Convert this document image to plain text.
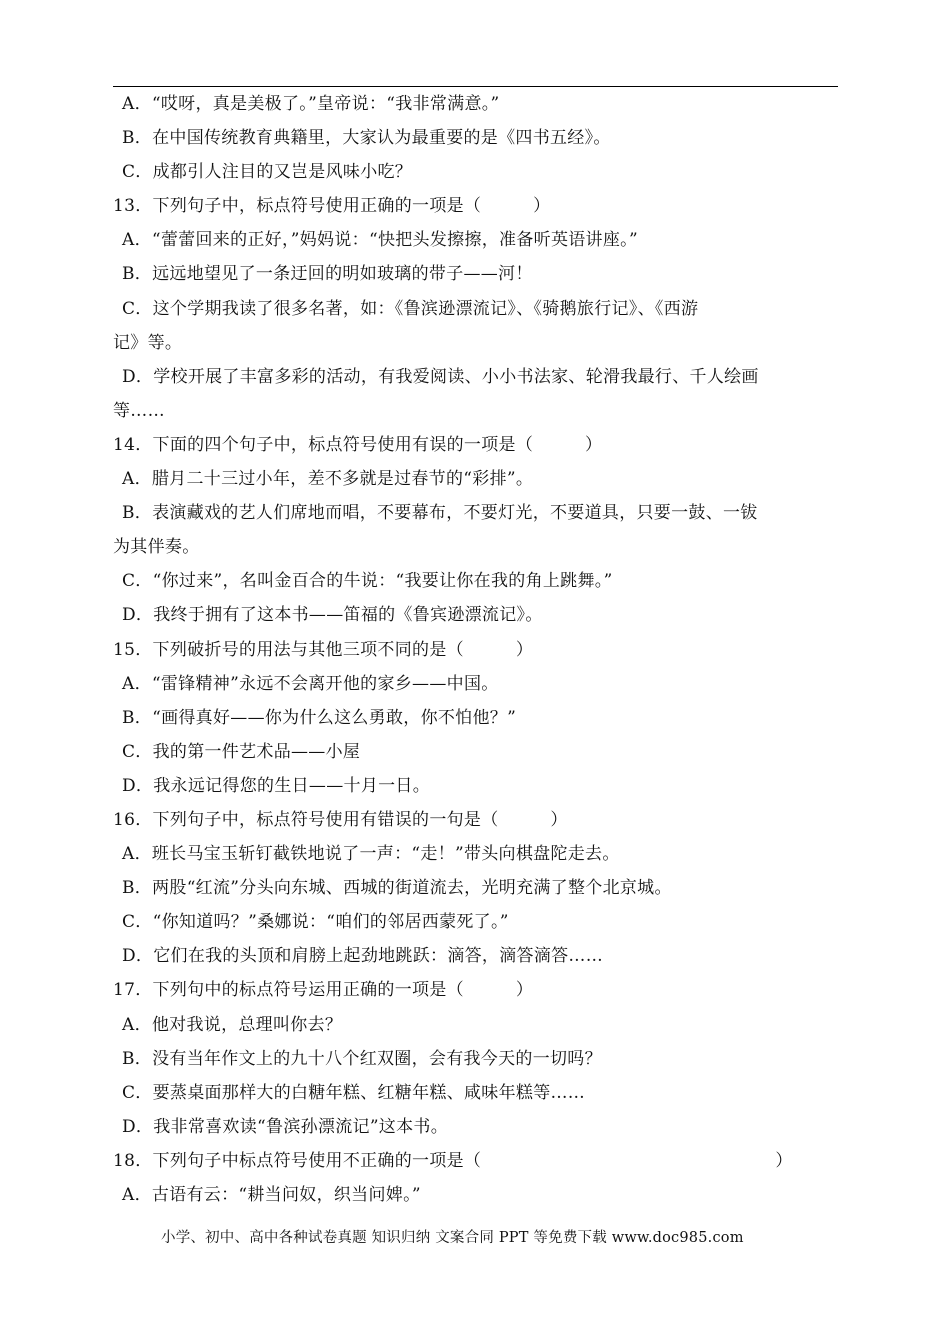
A．“哎呀，真是美极了。”皇帝说：“我非常满意。”
B．在中国传统教育典籍里，大家认为最重要的是《四书五经》。
C．成都引人注目的又岂是风味小吃？
13．下列句子中，标点符号使用正确的一项是（　　　）
A．“蕾蕾回来的正好，”妈妈说：“快把头发擦擦，准备听英语讲座。”
B．远远地望见了一条迂回的明如玻璃的带子——河！
C．这个学期我读了很多名著，如：《鲁滨逊漂流记》、《骑鹅旅行记》、《西游
记》等。
D．学校开展了丰富多彩的活动，有我爱阅读、小小书法家、轮滑我最行、千人绘画
等……
14．下面的四个句子中，标点符号使用有误的一项是（　　　）
A．腊月二十三过小年，差不多就是过春节的“彩排”。
B．表演藏戏的艺人们席地而唱，不要幕布，不要灯光，不要道具，只要一鼓、一钹
为其伴奏。
C．“你过来”，名叫金百合的牛说：“我要让你在我的角上跳舞。”
D．我终于拥有了这本书——笛福的《鲁宾逊漂流记》。
15．下列破折号的用法与其他三项不同的是（　　　）
A．“雷锋精神”永远不会离开他的家乡——中国。
B．“画得真好——你为什么这么勇敢，你不怕他？”
C．我的第一件艺术品——小屋
D．我永远记得您的生日——十月一日。
16．下列句子中，标点符号使用有错误的一句是（　　　）
A．班长马宝玉斩钉截铁地说了一声：“走！”带头向棋盘陀走去。
B．两股“红流”分头向东城、西城的街道流去，光明充满了整个北京城。
C．“你知道吗？”桑娜说：“咱们的邻居西蒙死了。”
D．它们在我的头顶和肩膀上起劲地跳跃：滴答，滴答滴答……
17．下列句中的标点符号运用正确的一项是（　　　）
A．他对我说，总理叫你去？
B．没有当年作文上的九十八个红双圈，会有我今天的一切吗？
C．要蒸桌面那样大的白糖年糕、红糖年糕、咸味年糕等……
D．我非常喜欢读“鲁滨孙漂流记”这本书。
18．下列句子中标点符号使用不正确的一项是（　　　　　　　　　　　　　　　　　）
A．古语有云：“耕当问奴，织当问婢。”
小学、初中、高中各种试卷真题 知识归纳 文案合同 PPT 等免费下载 www.doc985.com
